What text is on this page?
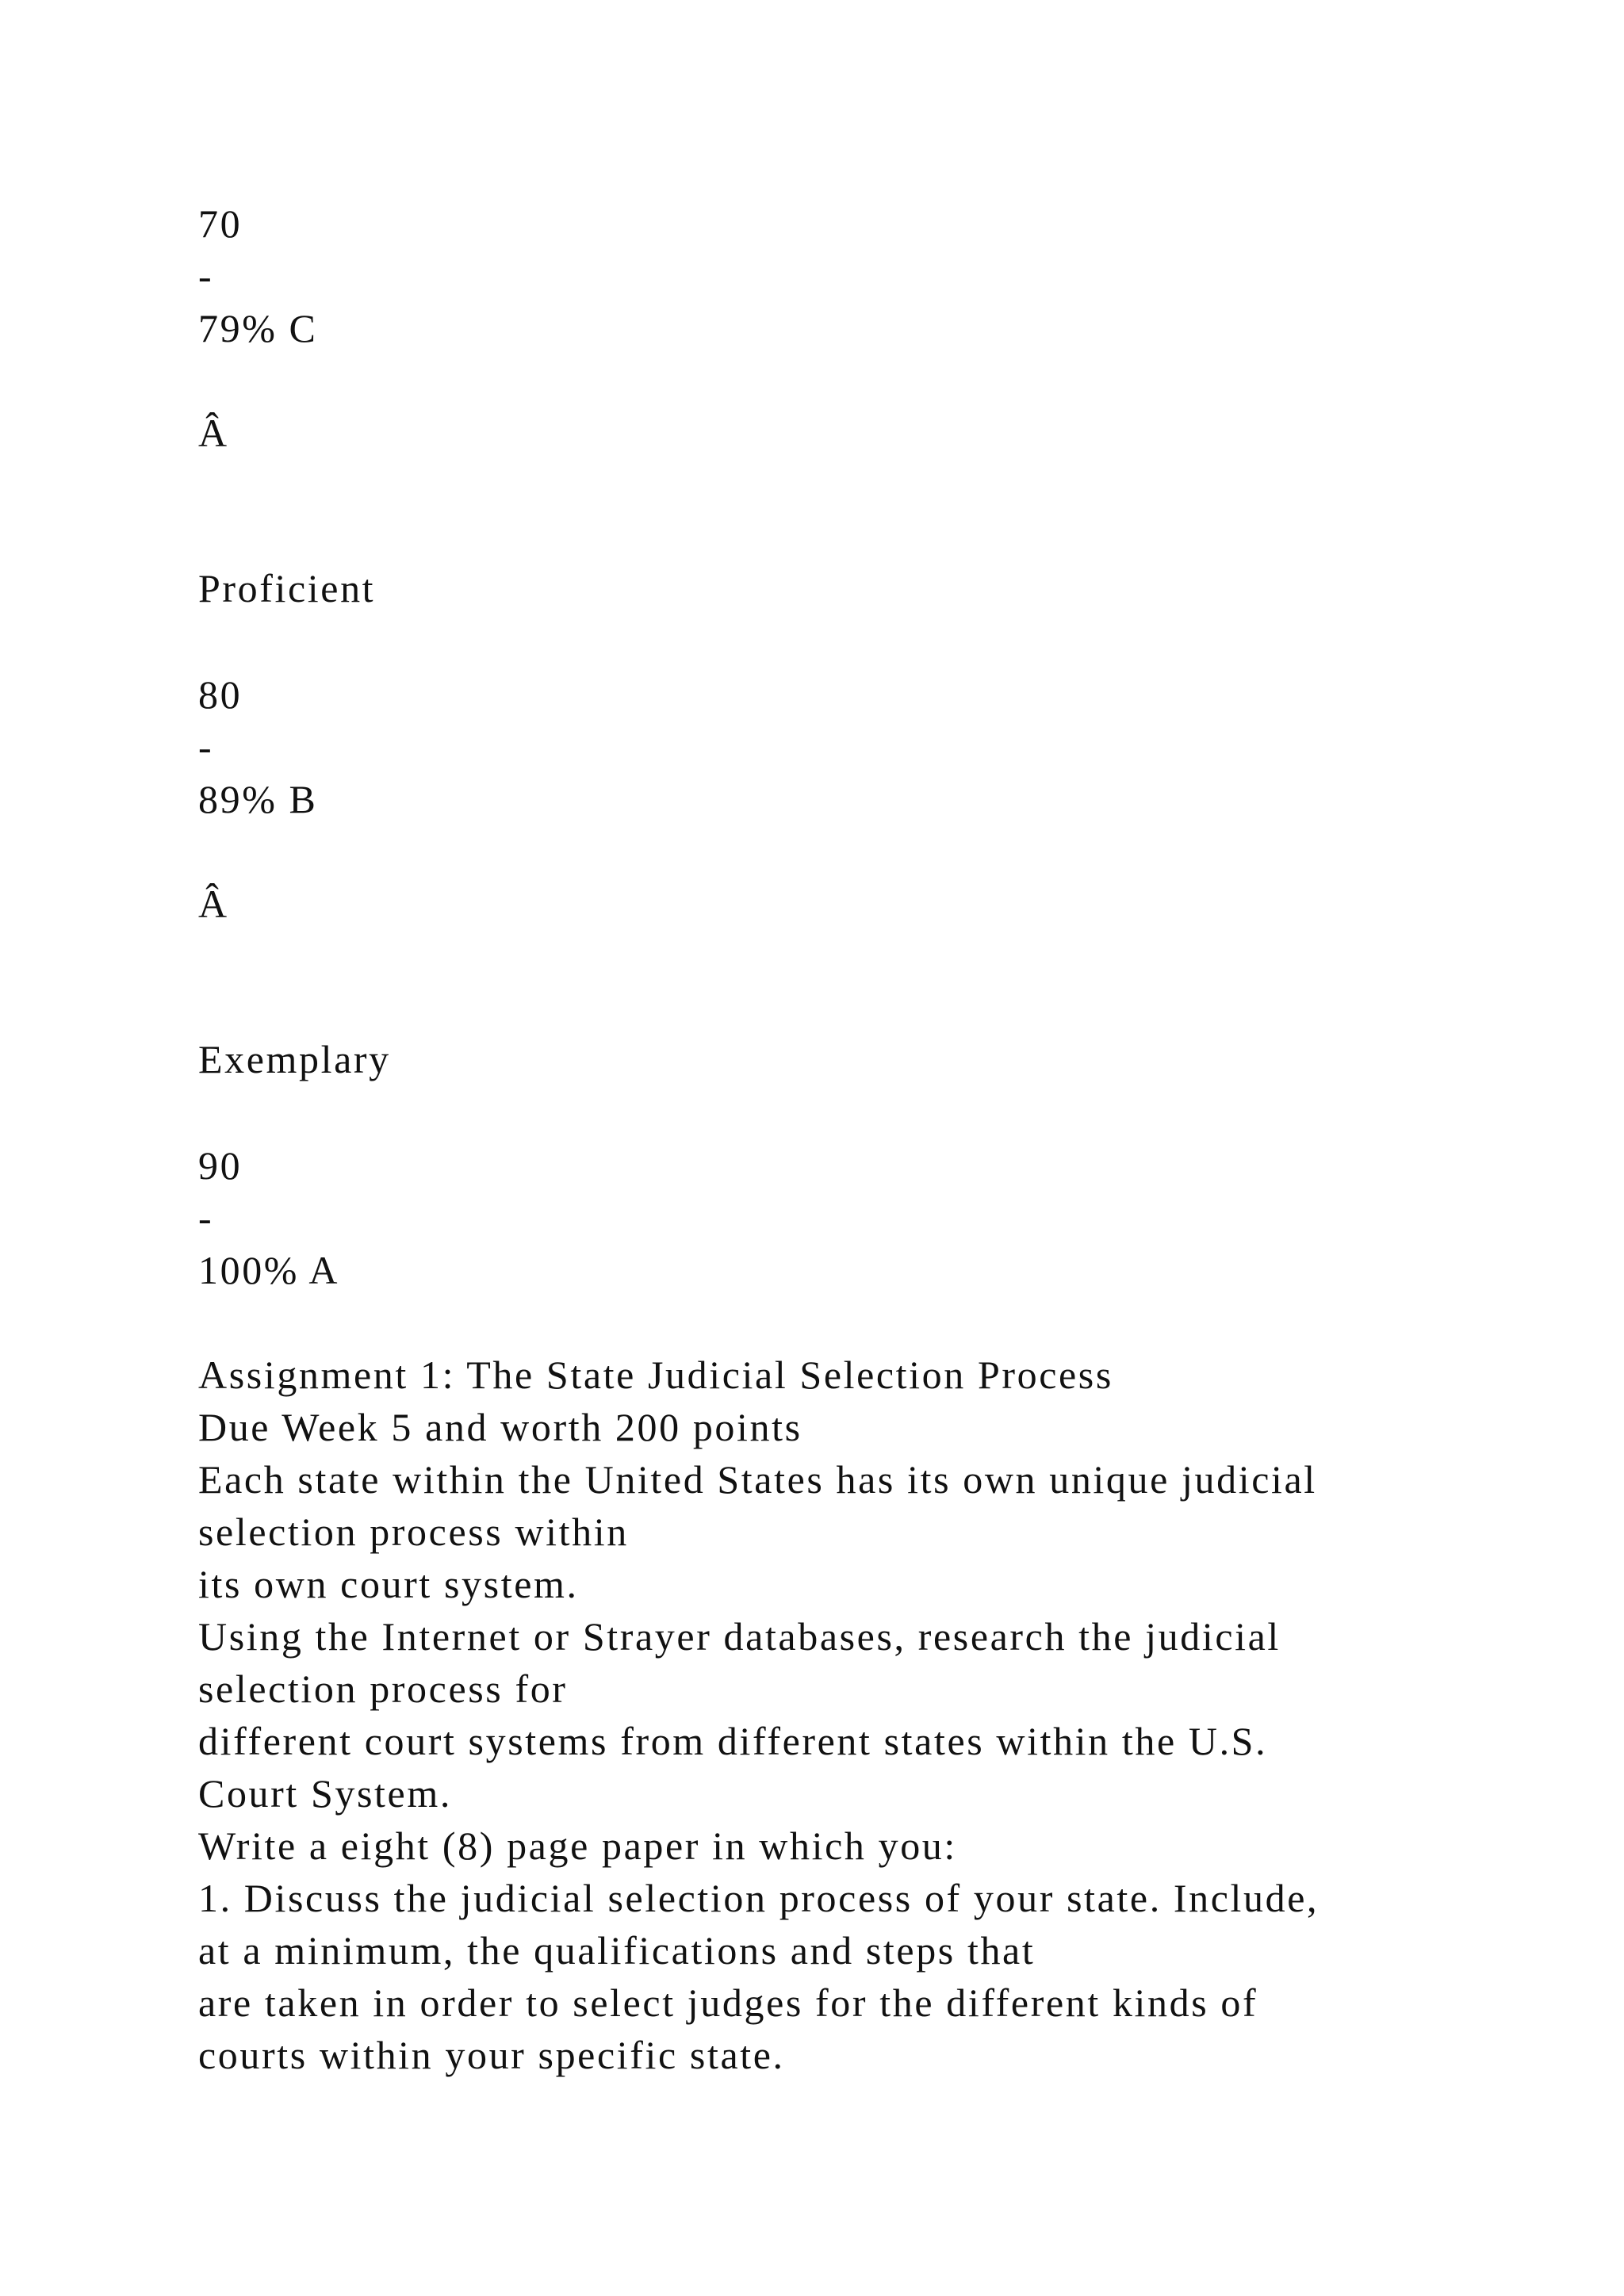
70

-

79% C

Â

Proficient

80

-

89% B

Â

Exemplary

90

-

100% A

Assignment 1: The State Judicial Selection Process

Due Week 5 and worth 200 points

Each state within the United States has its own unique judicial

selection process within

its own court system.

Using the Internet or Strayer databases, research the judicial

selection process for

different court systems from different states within the U.S.

Court System.

Write a eight (8) page paper in which you:

1. Discuss the judicial selection process of your state. Include,

at a minimum, the qualifications and steps that

are taken in order to select judges for the different kinds of

courts within your specific state.
